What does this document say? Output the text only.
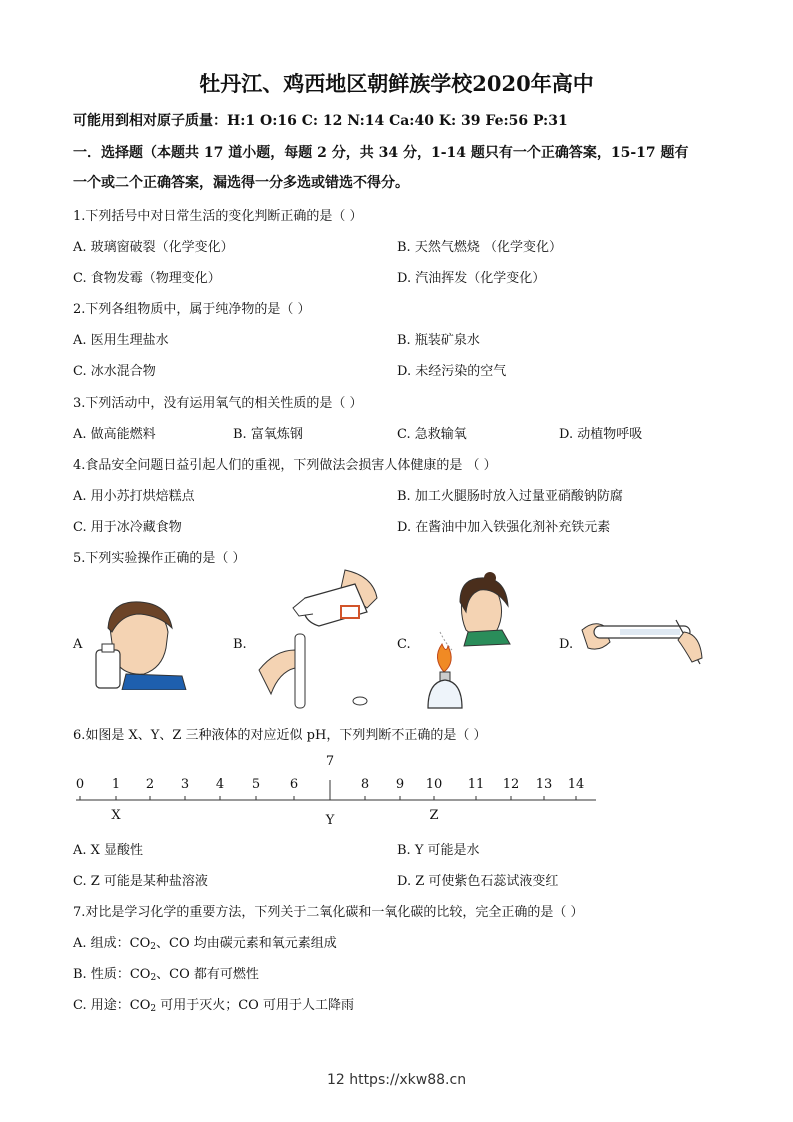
牡丹江、鸡西地区朝鲜族学校2020年高中
可能用到相对原子质量：H:1 O:16 C: 12 N:14 Ca:40 K: 39 Fe:56 P:31
一．选择题（本题共 17 道小题，每题 2 分，共 34 分，1-14 题只有一个正确答案，15-17 题有
一个或二个正确答案，漏选得一分多选或错选不得分。
1.下列括号中对日常生活的变化判断正确的是（ ）
A. 玻璃窗破裂（化学变化）	B. 天然气燃烧 （化学变化）
C. 食物发霉（物理变化）	D. 汽油挥发（化学变化）
2.下列各组物质中，属于纯净物的是（ ）
A. 医用生理盐水	B. 瓶装矿泉水
C. 冰水混合物	D. 未经污染的空气
3.下列活动中，没有运用氧气的相关性质的是（ ）
A. 做高能燃料	B. 富氧炼钢	C. 急救输氧	D. 动植物呼吸
4.食品安全问题日益引起人们的重视，下列做法会损害人体健康的是 （ ）
A. 用小苏打烘焙糕点	B. 加工火腿肠时放入过量亚硝酸钠防腐
C. 用于冰冷藏食物	D. 在酱油中加入铁强化剂补充铁元素
5.下列实验操作正确的是（ ）
A	B.	C.	D.
6.如图是 X、Y、Z 三种液体的对应近似 pH，下列判断不正确的是（ ）
0 1 2 3 4 5 6
7
8 9 10 11 12 13 14
X	Y	Z
A. X 显酸性	B. Y 可能是水
C. Z 可能是某种盐溶液	D. Z 可使紫色石蕊试液变红
7.对比是学习化学的重要方法，下列关于二氧化碳和一氧化碳的比较，完全正确的是（ ）
A. 组成：$CO_2$、CO 均由碳元素和氧元素组成
B. 性质：$CO_2$、CO 都有可燃性
C. 用途：$CO_2$ 可用于灭火；CO 可用于人工降雨
12 https://xkw88.cn
